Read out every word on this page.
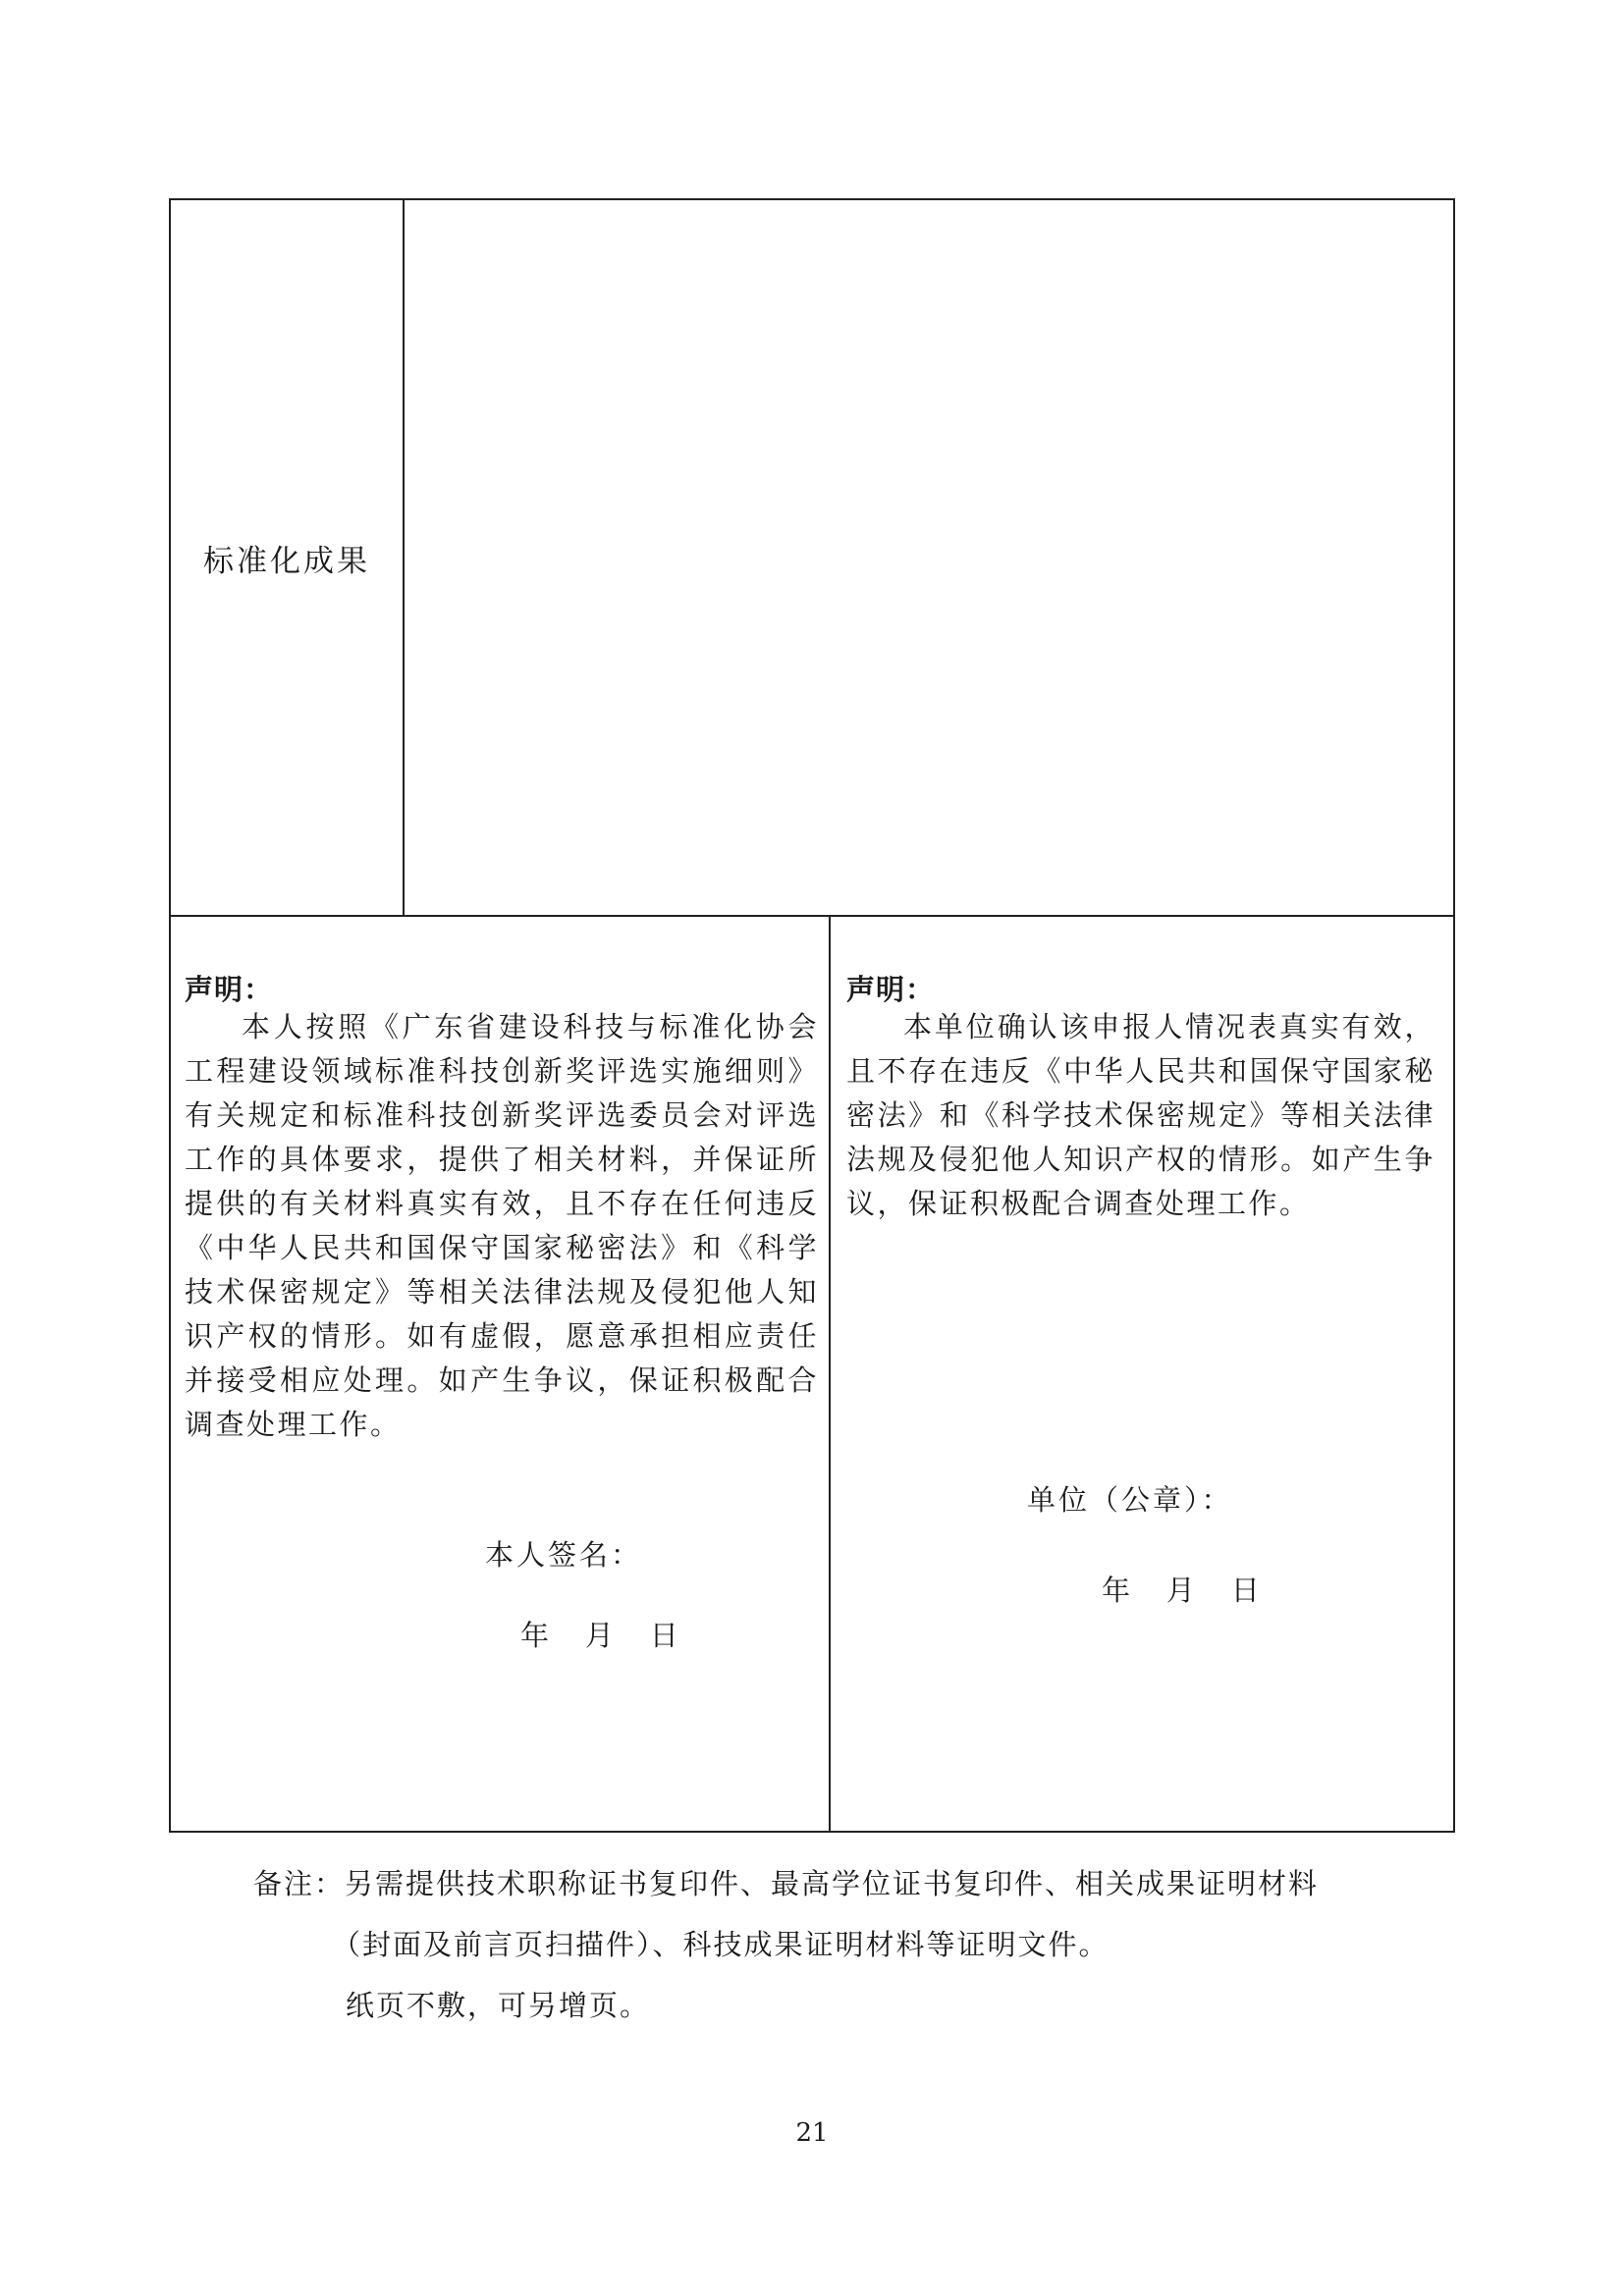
标准化成果
声明：
本人按照《广东省建设科技与标准化协会工程建设领域标准科技创新奖评选实施细则》有关规定和标准科技创新奖评选委员会对评选工作的具体要求，提供了相关材料，并保证所提供的有关材料真实有效，且不存在任何违反《中华人民共和国保守国家秘密法》和《科学技术保密规定》等相关法律法规及侵犯他人知识产权的情形。如有虚假，愿意承担相应责任并接受相应处理。如产生争议，保证积极配合调查处理工作。
本人签名：
年    月    日
声明：
本单位确认该申报人情况表真实有效，且不存在违反《中华人民共和国保守国家秘密法》和《科学技术保密规定》等相关法律法规及侵犯他人知识产权的情形。如产生争议，保证积极配合调查处理工作。
单位（公章）：
年    月    日
备注：另需提供技术职称证书复印件、最高学位证书复印件、相关成果证明材料
（封面及前言页扫描件）、科技成果证明材料等证明文件。
纸页不敷，可另增页。
21
